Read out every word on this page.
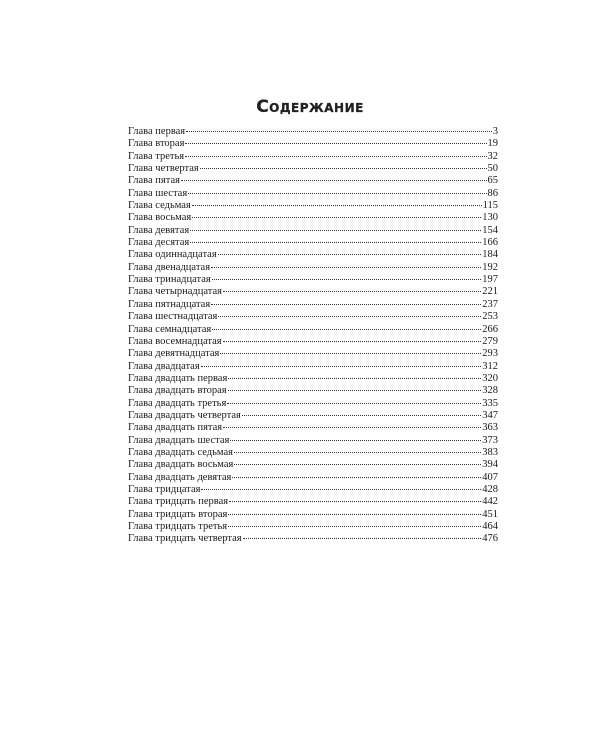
Содержание
Глава первая	3
Глава вторая	19
Глава третья	32
Глава четвертая	50
Глава пятая	65
Глава шестая	86
Глава седьмая	115
Глава восьмая	130
Глава девятая	154
Глава десятая	166
Глава одиннадцатая	184
Глава двенадцатая	192
Глава тринадцатая	197
Глава четырнадцатая	221
Глава пятнадцатая	237
Глава шестнадцатая	253
Глава семнадцатая	266
Глава восемнадцатая	279
Глава девятнадцатая	293
Глава двадцатая	312
Глава двадцать первая	320
Глава двадцать вторая	328
Глава двадцать третья	335
Глава двадцать четвертая	347
Глава двадцать пятая	363
Глава двадцать шестая	373
Глава двадцать седьмая	383
Глава двадцать восьмая	394
Глава двадцать девятая	407
Глава тридцатая	428
Глава тридцать первая	442
Глава тридцать вторая	451
Глава тридцать третья	464
Глава тридцать четвертая	476
